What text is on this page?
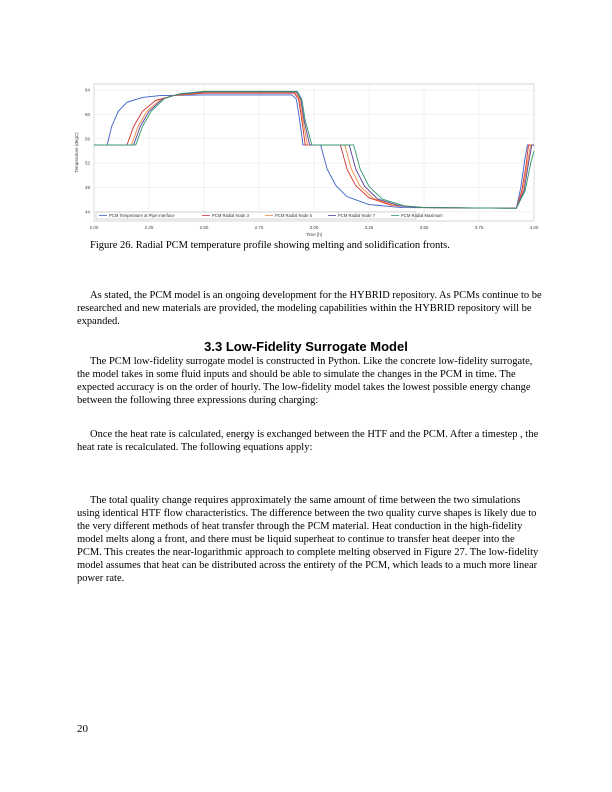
2.00	2.25	2.50	2.75	3.00	3.25	3.50	3.75	4.00
44
48
52
56
60
64
Time [h]
Temperature (degC)
PCM Temperature at Pipe Interface	PCM Radial Node 3	PCM Radial Node 5	PCM Radial Node 7	PCM Radial Maximum
Figure 26. Radial PCM temperature profile showing melting and solidification fronts.
As stated, the PCM model is an ongoing development for the HYBRID repository. As PCMs continue to be researched and new materials are provided, the modeling capabilities within the HYBRID repository will be expanded.
3.3 Low-Fidelity Surrogate Model
The PCM low-fidelity surrogate model is constructed in Python. Like the concrete low-fidelity surrogate, the model takes in some fluid inputs and should be able to simulate the changes in the PCM in time. The expected accuracy is on the order of hourly. The low-fidelity model takes the lowest possible energy change between the following three expressions during charging:
Once the heat rate is calculated, energy is exchanged between the HTF and the PCM. After a timestep , the heat rate is recalculated. The following equations apply:
The total quality change requires approximately the same amount of time between the two simulations using identical HTF flow characteristics. The difference between the two quality curve shapes is likely due to the very different methods of heat transfer through the PCM material. Heat conduction in the high-fidelity model melts along a front, and there must be liquid superheat to continue to transfer heat deeper into the PCM. This creates the near-logarithmic approach to complete melting observed in Figure 27. The low-fidelity model assumes that heat can be distributed across the entirety of the PCM, which leads to a much more linear power rate.
20
